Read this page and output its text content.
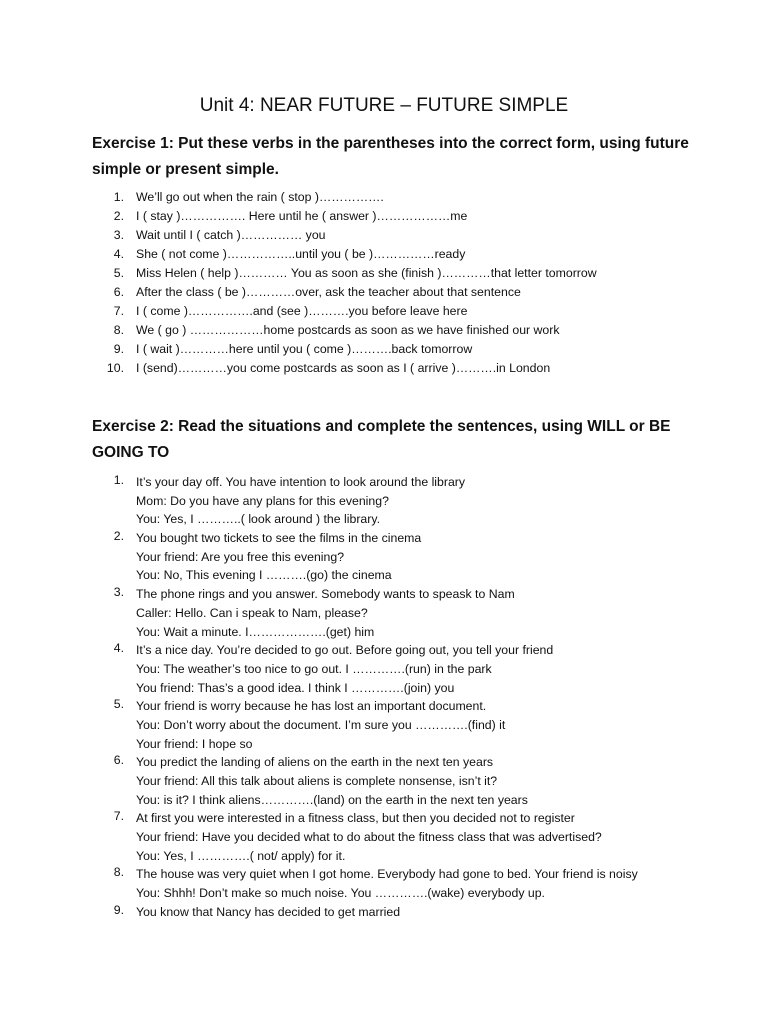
Unit 4: NEAR FUTURE – FUTURE SIMPLE
Exercise 1: Put these verbs in the parentheses into the correct form, using future
simple or present simple.
1. We’ll go out when the rain ( stop )…………….
2. I ( stay )……………. Here until he ( answer )………………me
3. Wait until I ( catch )…………… you
4. She ( not come )……………..until you ( be )……………ready
5. Miss Helen ( help )………… You as soon as she (finish )…………that letter tomorrow
6. After the class ( be )…………over, ask the teacher about that sentence
7. I ( come )…………….and (see )……….you before leave here
8. We ( go ) ………………home postcards as soon as we have finished our work
9. I ( wait )…………here until you ( come )……….back tomorrow
10. I (send)…………you come postcards as soon as I ( arrive )……….in London
Exercise 2: Read the situations and complete the sentences, using WILL or BE
GOING TO
1. It’s your day off. You have intention to look around the library
Mom: Do you have any plans for this evening?
You: Yes, I ………..( look around ) the library.
2. You bought two tickets to see the films in the cinema
Your friend: Are you free this evening?
You: No, This evening I ……….(go) the cinema
3. The phone rings and you answer. Somebody wants to speask to Nam
Caller: Hello. Can i speak to Nam, please?
You: Wait a minute. I……………….(get) him
4. It’s a nice day. You’re decided to go out. Before going out, you tell your friend
You: The weather’s too nice to go out. I ………….(run) in the park
You friend: Thas’s a good idea. I think I ………….(join) you
5. Your friend is worry because he has lost an important document.
You: Don’t worry about the document. I’m sure you ………….(find) it
Your friend: I hope so
6. You predict the landing of aliens on the earth in the next ten years
Your friend: All this talk about aliens is complete nonsense, isn’t it?
You: is it? I think aliens………….(land) on the earth in the next ten years
7. At first you were interested in a fitness class, but then you decided not to register
Your friend: Have you decided what to do about the fitness class that was advertised?
You: Yes, I ………….( not/ apply) for it.
8. The house was very quiet when I got home. Everybody had gone to bed. Your friend is noisy
You: Shhh! Don’t make so much noise. You ………….(wake) everybody up.
9. You know that Nancy has decided to get married
